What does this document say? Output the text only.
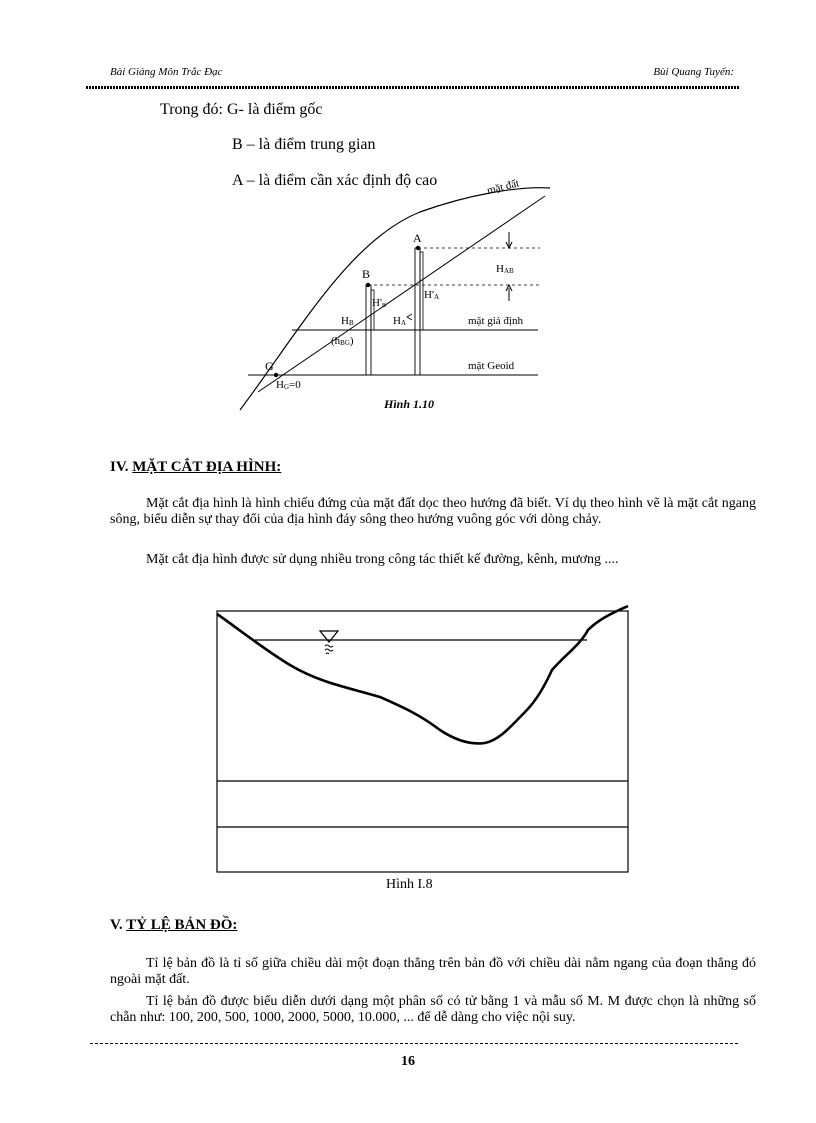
Bài Giảng Môn Trắc Đạc	Bùi Quang Tuyến:
Trong đó: G- là điểm gốc
B – là điểm trung gian
A – là điểm cần xác định độ cao	mặt đất
A
B
G
HAB
H'A
H'B
HB	HA
(hBG)
HG=0
mặt giả định
mặt Geoid
Hình 1.10
IV. MẶT CẮT ĐỊA HÌNH:
Mặt cắt địa hình là hình chiếu đứng của mặt đất dọc theo hướng đã biết. Ví dụ theo hình vẽ là mặt cắt ngang sông, biểu diễn sự thay đổi của địa hình đáy sông theo hướng vuông góc với dòng chảy.
Mặt cắt địa hình được sử dụng nhiều trong công tác thiết kế đường, kênh, mương ....
Hình I.8
V. TỶ LỆ BẢN ĐỒ:
Tỉ lệ bản đồ là tỉ số giữa chiều dài một đoạn thẳng trên bản đồ với chiều dài nằm ngang của đoạn thẳng đó ngoài mặt đất.
Tỉ lệ bản đồ được biểu diễn dưới dạng một phân số có tử bằng 1 và mẫu số M. M được chọn là những số chẵn như: 100, 200, 500, 1000, 2000, 5000, 10.000, ... để dễ dàng cho việc nội suy.
16
